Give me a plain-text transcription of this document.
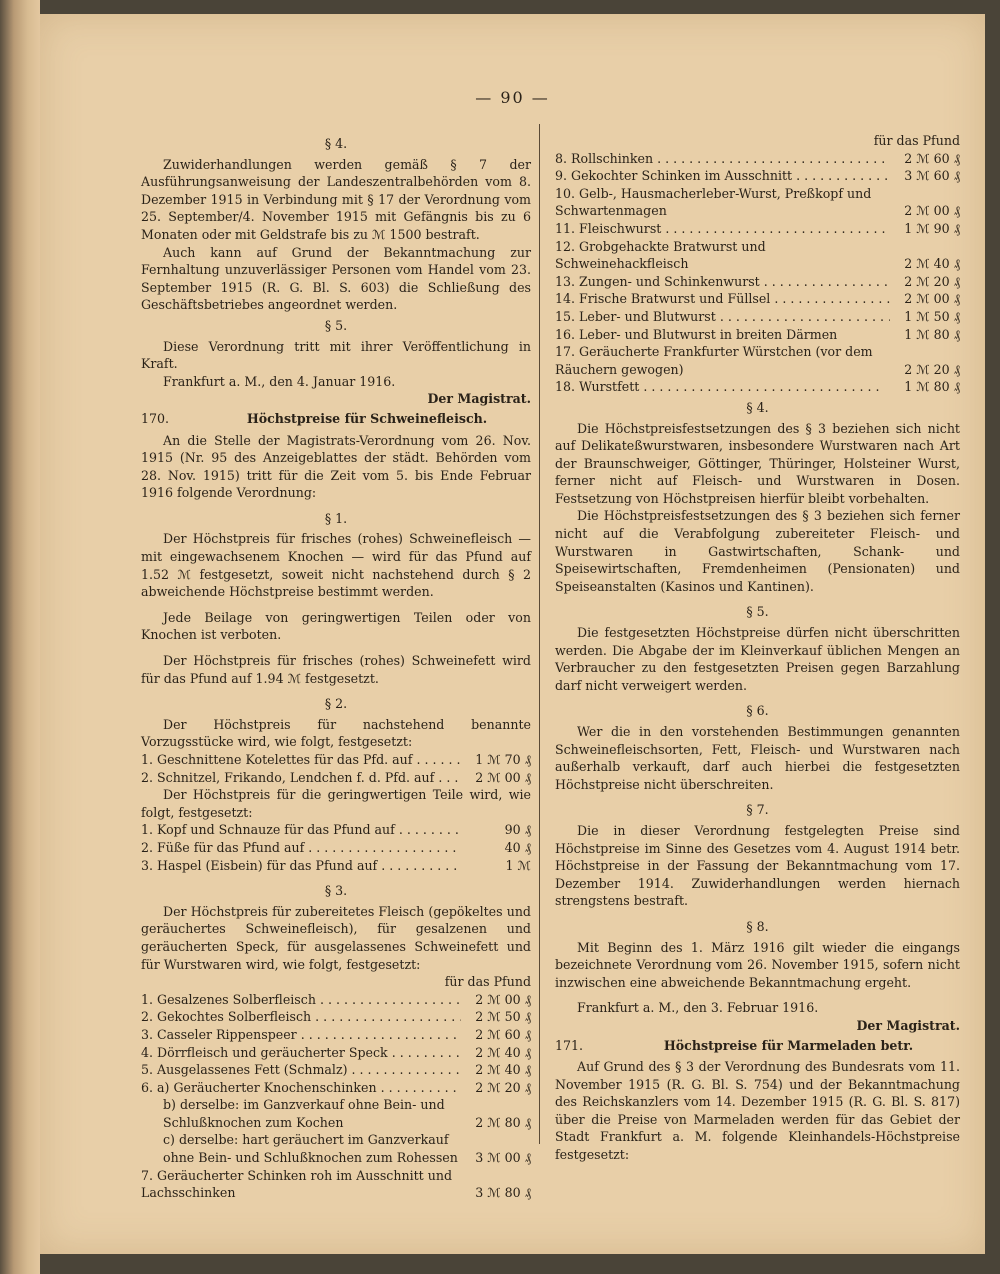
— 90 —
§ 4.

Zuwiderhandlungen werden gemäß § 7 der Ausführungsanweisung der Landeszentralbehörden vom 8. Dezember 1915 in Verbindung mit § 17 der Verordnung vom 25. September/4. November 1915 mit Gefängnis bis zu 6 Monaten oder mit Geldstrafe bis zu ℳ 1500 bestraft.

Auch kann auf Grund der Bekanntmachung zur Fernhaltung unzuverlässiger Personen vom Handel vom 23. September 1915 (R. G. Bl. S. 603) die Schließung des Geschäftsbetriebes angeordnet werden.

§ 5.

Diese Verordnung tritt mit ihrer Veröffentlichung in Kraft.

Frankfurt a. M., den 4. Januar 1916.

Der Magistrat.
170.	Höchstpreise für Schweinefleisch.

An die Stelle der Magistrats-Verordnung vom 26. Nov. 1915 (Nr. 95 des Anzeigeblattes der städt. Behörden vom 28. Nov. 1915) tritt für die Zeit vom 5. bis Ende Februar 1916 folgende Verordnung:

§ 1.

Der Höchstpreis für frisches (rohes) Schweinefleisch — mit eingewachsenem Knochen — wird für das Pfund auf 1.52 ℳ festgesetzt, soweit nicht nachstehend durch § 2 abweichende Höchstpreise bestimmt werden.

Jede Beilage von geringwertigen Teilen oder von Knochen ist verboten.

Der Höchstpreis für frisches (rohes) Schweinefett wird für das Pfund auf 1.94 ℳ festgesetzt.

§ 2.

Der Höchstpreis für nachstehend benannte Vorzugsstücke wird, wie folgt, festgesetzt:

1. Geschnittene Kotelettes für das Pfd. auf . . .	1 ℳ 70 ₰
2. Schnitzel, Frikando, Lendchen f. d. Pfd. auf . . .	2 ℳ 00 ₰

Der Höchstpreis für die geringwertigen Teile wird, wie folgt, festgesetzt:

1. Kopf und Schnauze für das Pfund auf . . .	90 ₰
2. Füße für das Pfund auf . . .	40 ₰
3. Haspel (Eisbein) für das Pfund auf . . .	1 ℳ
§ 3.

Der Höchstpreis für zubereitetes Fleisch (gepökeltes und geräuchertes Schweinefleisch), für gesalzenen und geräucherten Speck, für ausgelassenes Schweinefett und für Wurstwaren wird, wie folgt, festgesetzt:

für das Pfund
1. Gesalzenes Solberfleisch . . .	2 ℳ 00 ₰
2. Gekochtes Solberfleisch . . .	2 ℳ 50 ₰
3. Casseler Rippenspeer . . .	2 ℳ 60 ₰
4. Dörrfleisch und geräucherter Speck . . .	2 ℳ 40 ₰
5. Ausgelassenes Fett (Schmalz) . . .	2 ℳ 40 ₰
6. a) Geräucherter Knochenschinken . . .	2 ℳ 20 ₰
b) derselbe: im Ganzverkauf ohne Bein- und Schlußknochen zum Kochen	2 ℳ 80 ₰
c) derselbe: hart geräuchert im Ganzverkauf ohne Bein- und Schlußknochen zum Rohessen	3 ℳ 00 ₰
7. Geräucherter Schinken roh im Ausschnitt und Lachsschinken	3 ℳ 80 ₰
für das Pfund
8. Rollschinken . . .	2 ℳ 60 ₰
9. Gekochter Schinken im Ausschnitt . . .	3 ℳ 60 ₰
10. Gelb-, Hausmacherleber-Wurst, Preßkopf und Schwartenmagen	2 ℳ 00 ₰
11. Fleischwurst . . .	1 ℳ 90 ₰
12. Grobgehackte Bratwurst und Schweinehackfleisch	2 ℳ 40 ₰
13. Zungen- und Schinkenwurst . . .	2 ℳ 20 ₰
14. Frische Bratwurst und Füllsel . . .	2 ℳ 00 ₰
15. Leber- und Blutwurst . . .	1 ℳ 50 ₰
16. Leber- und Blutwurst in breiten Därmen	1 ℳ 80 ₰
17. Geräucherte Frankfurter Würstchen (vor dem Räuchern gewogen)	2 ℳ 20 ₰
18. Wurstfett . . .	1 ℳ 80 ₰
§ 4.

Die Höchstpreisfestsetzungen des § 3 beziehen sich nicht auf Delikateßwurstwaren, insbesondere Wurstwaren nach Art der Braunschweiger, Göttinger, Thüringer, Holsteiner Wurst, ferner nicht auf Fleisch- und Wurstwaren in Dosen. Festsetzung von Höchstpreisen hierfür bleibt vorbehalten.

Die Höchstpreisfestsetzungen des § 3 beziehen sich ferner nicht auf die Verabfolgung zubereiteter Fleisch- und Wurstwaren in Gastwirtschaften, Schank- und Speisewirtschaften, Fremdenheimen (Pensionaten) und Speiseanstalten (Kasinos und Kantinen).

§ 5.

Die festgesetzten Höchstpreise dürfen nicht überschritten werden. Die Abgabe der im Kleinverkauf üblichen Mengen an Verbraucher zu den festgesetzten Preisen gegen Barzahlung darf nicht verweigert werden.

§ 6.

Wer die in den vorstehenden Bestimmungen genannten Schweinefleischsorten, Fett, Fleisch- und Wurstwaren nach außerhalb verkauft, darf auch hierbei die festgesetzten Höchstpreise nicht überschreiten.

§ 7.

Die in dieser Verordnung festgelegten Preise sind Höchstpreise im Sinne des Gesetzes vom 4. August 1914 betr. Höchstpreise in der Fassung der Bekanntmachung vom 17. Dezember 1914. Zuwiderhandlungen werden hiernach strengstens bestraft.

§ 8.

Mit Beginn des 1. März 1916 gilt wieder die eingangs bezeichnete Verordnung vom 26. November 1915, sofern nicht inzwischen eine abweichende Bekanntmachung ergeht.

Frankfurt a. M., den 3. Februar 1916.

Der Magistrat.
171.	Höchstpreise für Marmeladen betr.

Auf Grund des § 3 der Verordnung des Bundesrats vom 11. November 1915 (R. G. Bl. S. 754) und der Bekanntmachung des Reichskanzlers vom 14. Dezember 1915 (R. G. Bl. S. 817) über die Preise von Marmeladen werden für das Gebiet der Stadt Frankfurt a. M. folgende Kleinhandels-Höchstpreise festgesetzt:
